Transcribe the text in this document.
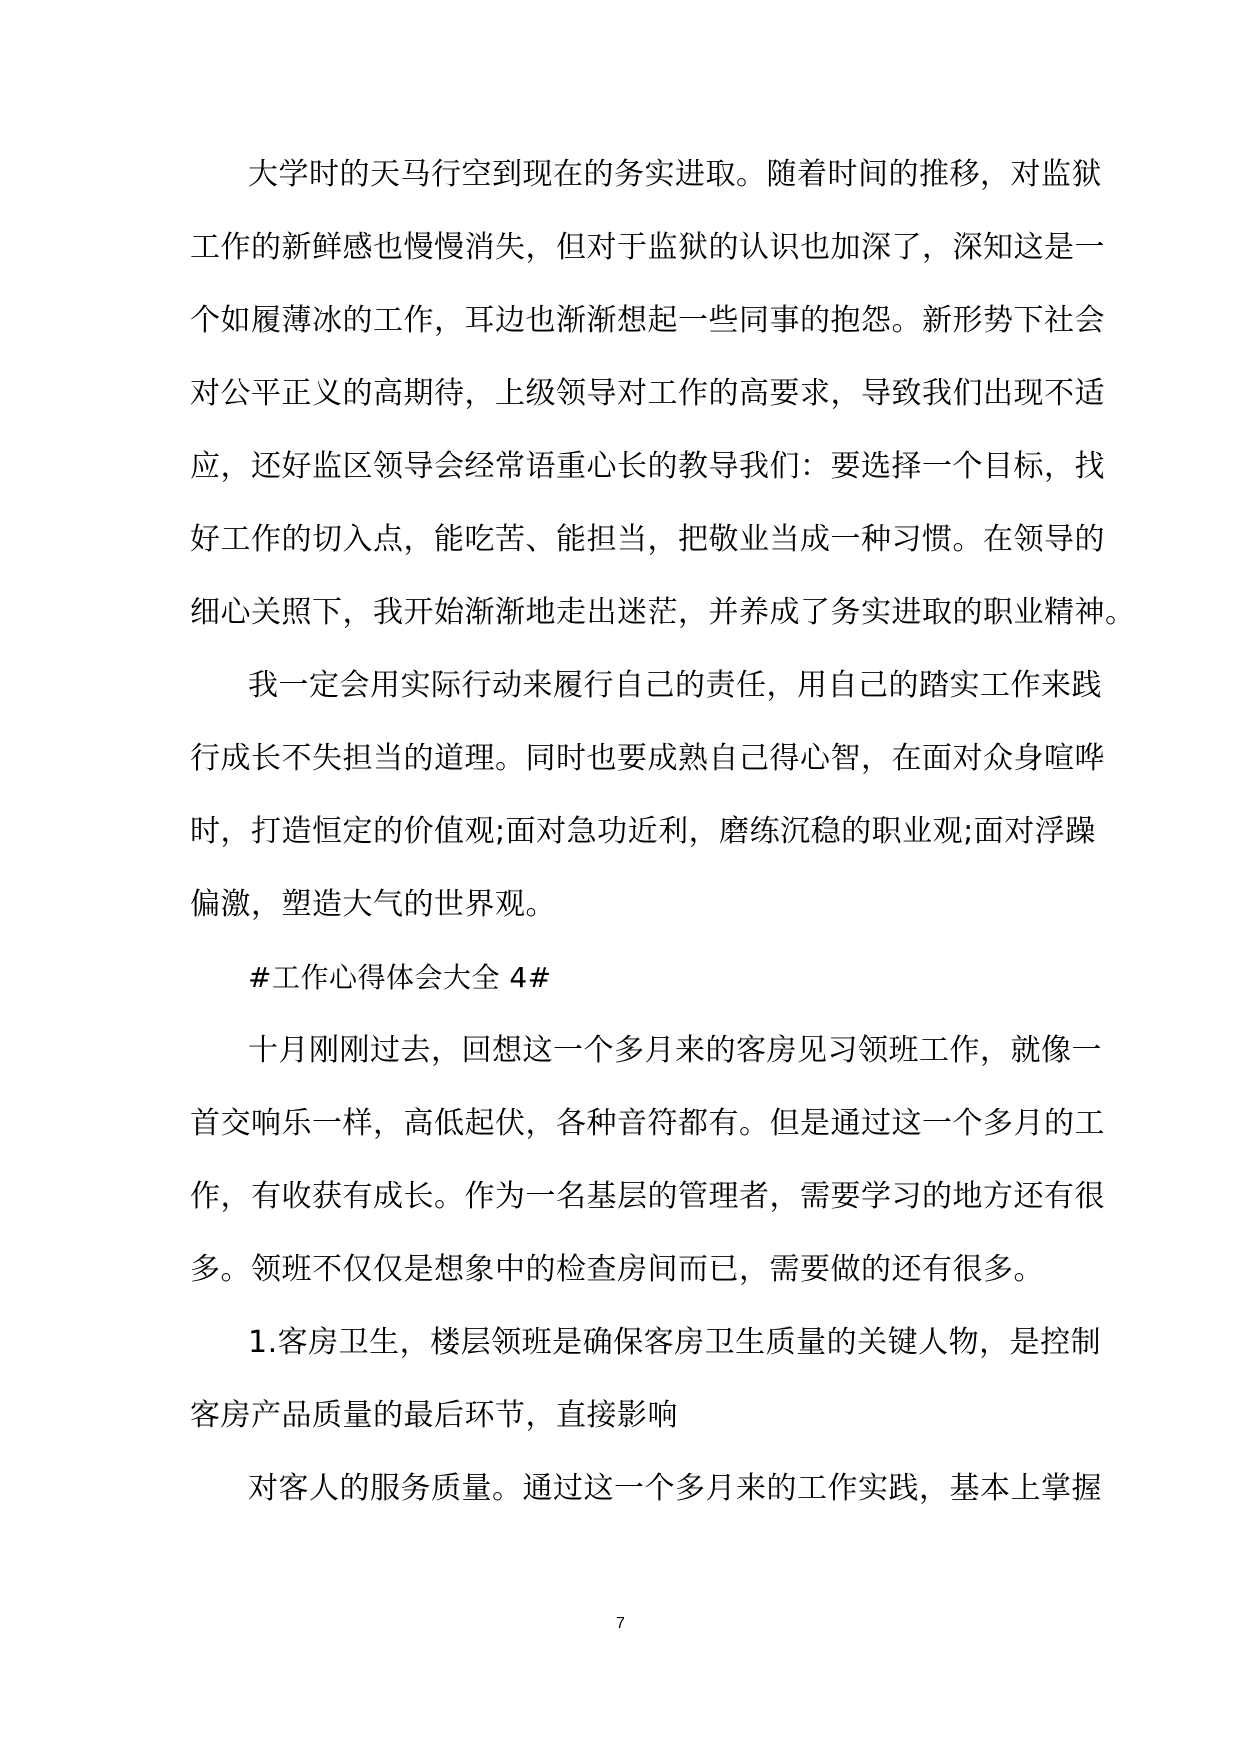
大学时的天马行空到现在的务实进取。随着时间的推移，对监狱
工作的新鲜感也慢慢消失，但对于监狱的认识也加深了，深知这是一
个如履薄冰的工作，耳边也渐渐想起一些同事的抱怨。新形势下社会
对公平正义的高期待，上级领导对工作的高要求，导致我们出现不适
应，还好监区领导会经常语重心长的教导我们：要选择一个目标，找
好工作的切入点，能吃苦、能担当，把敬业当成一种习惯。在领导的
细心关照下，我开始渐渐地走出迷茫，并养成了务实进取的职业精神。
我一定会用实际行动来履行自己的责任，用自己的踏实工作来践
行成长不失担当的道理。同时也要成熟自己得心智，在面对众身喧哗
时，打造恒定的价值观;面对急功近利，磨练沉稳的职业观;面对浮躁
偏激，塑造大气的世界观。
#工作心得体会大全 4#
十月刚刚过去，回想这一个多月来的客房见习领班工作，就像一
首交响乐一样，高低起伏，各种音符都有。但是通过这一个多月的工
作，有收获有成长。作为一名基层的管理者，需要学习的地方还有很
多。领班不仅仅是想象中的检查房间而已，需要做的还有很多。
1.客房卫生，楼层领班是确保客房卫生质量的关键人物，是控制
客房产品质量的最后环节，直接影响
对客人的服务质量。通过这一个多月来的工作实践，基本上掌握
7
